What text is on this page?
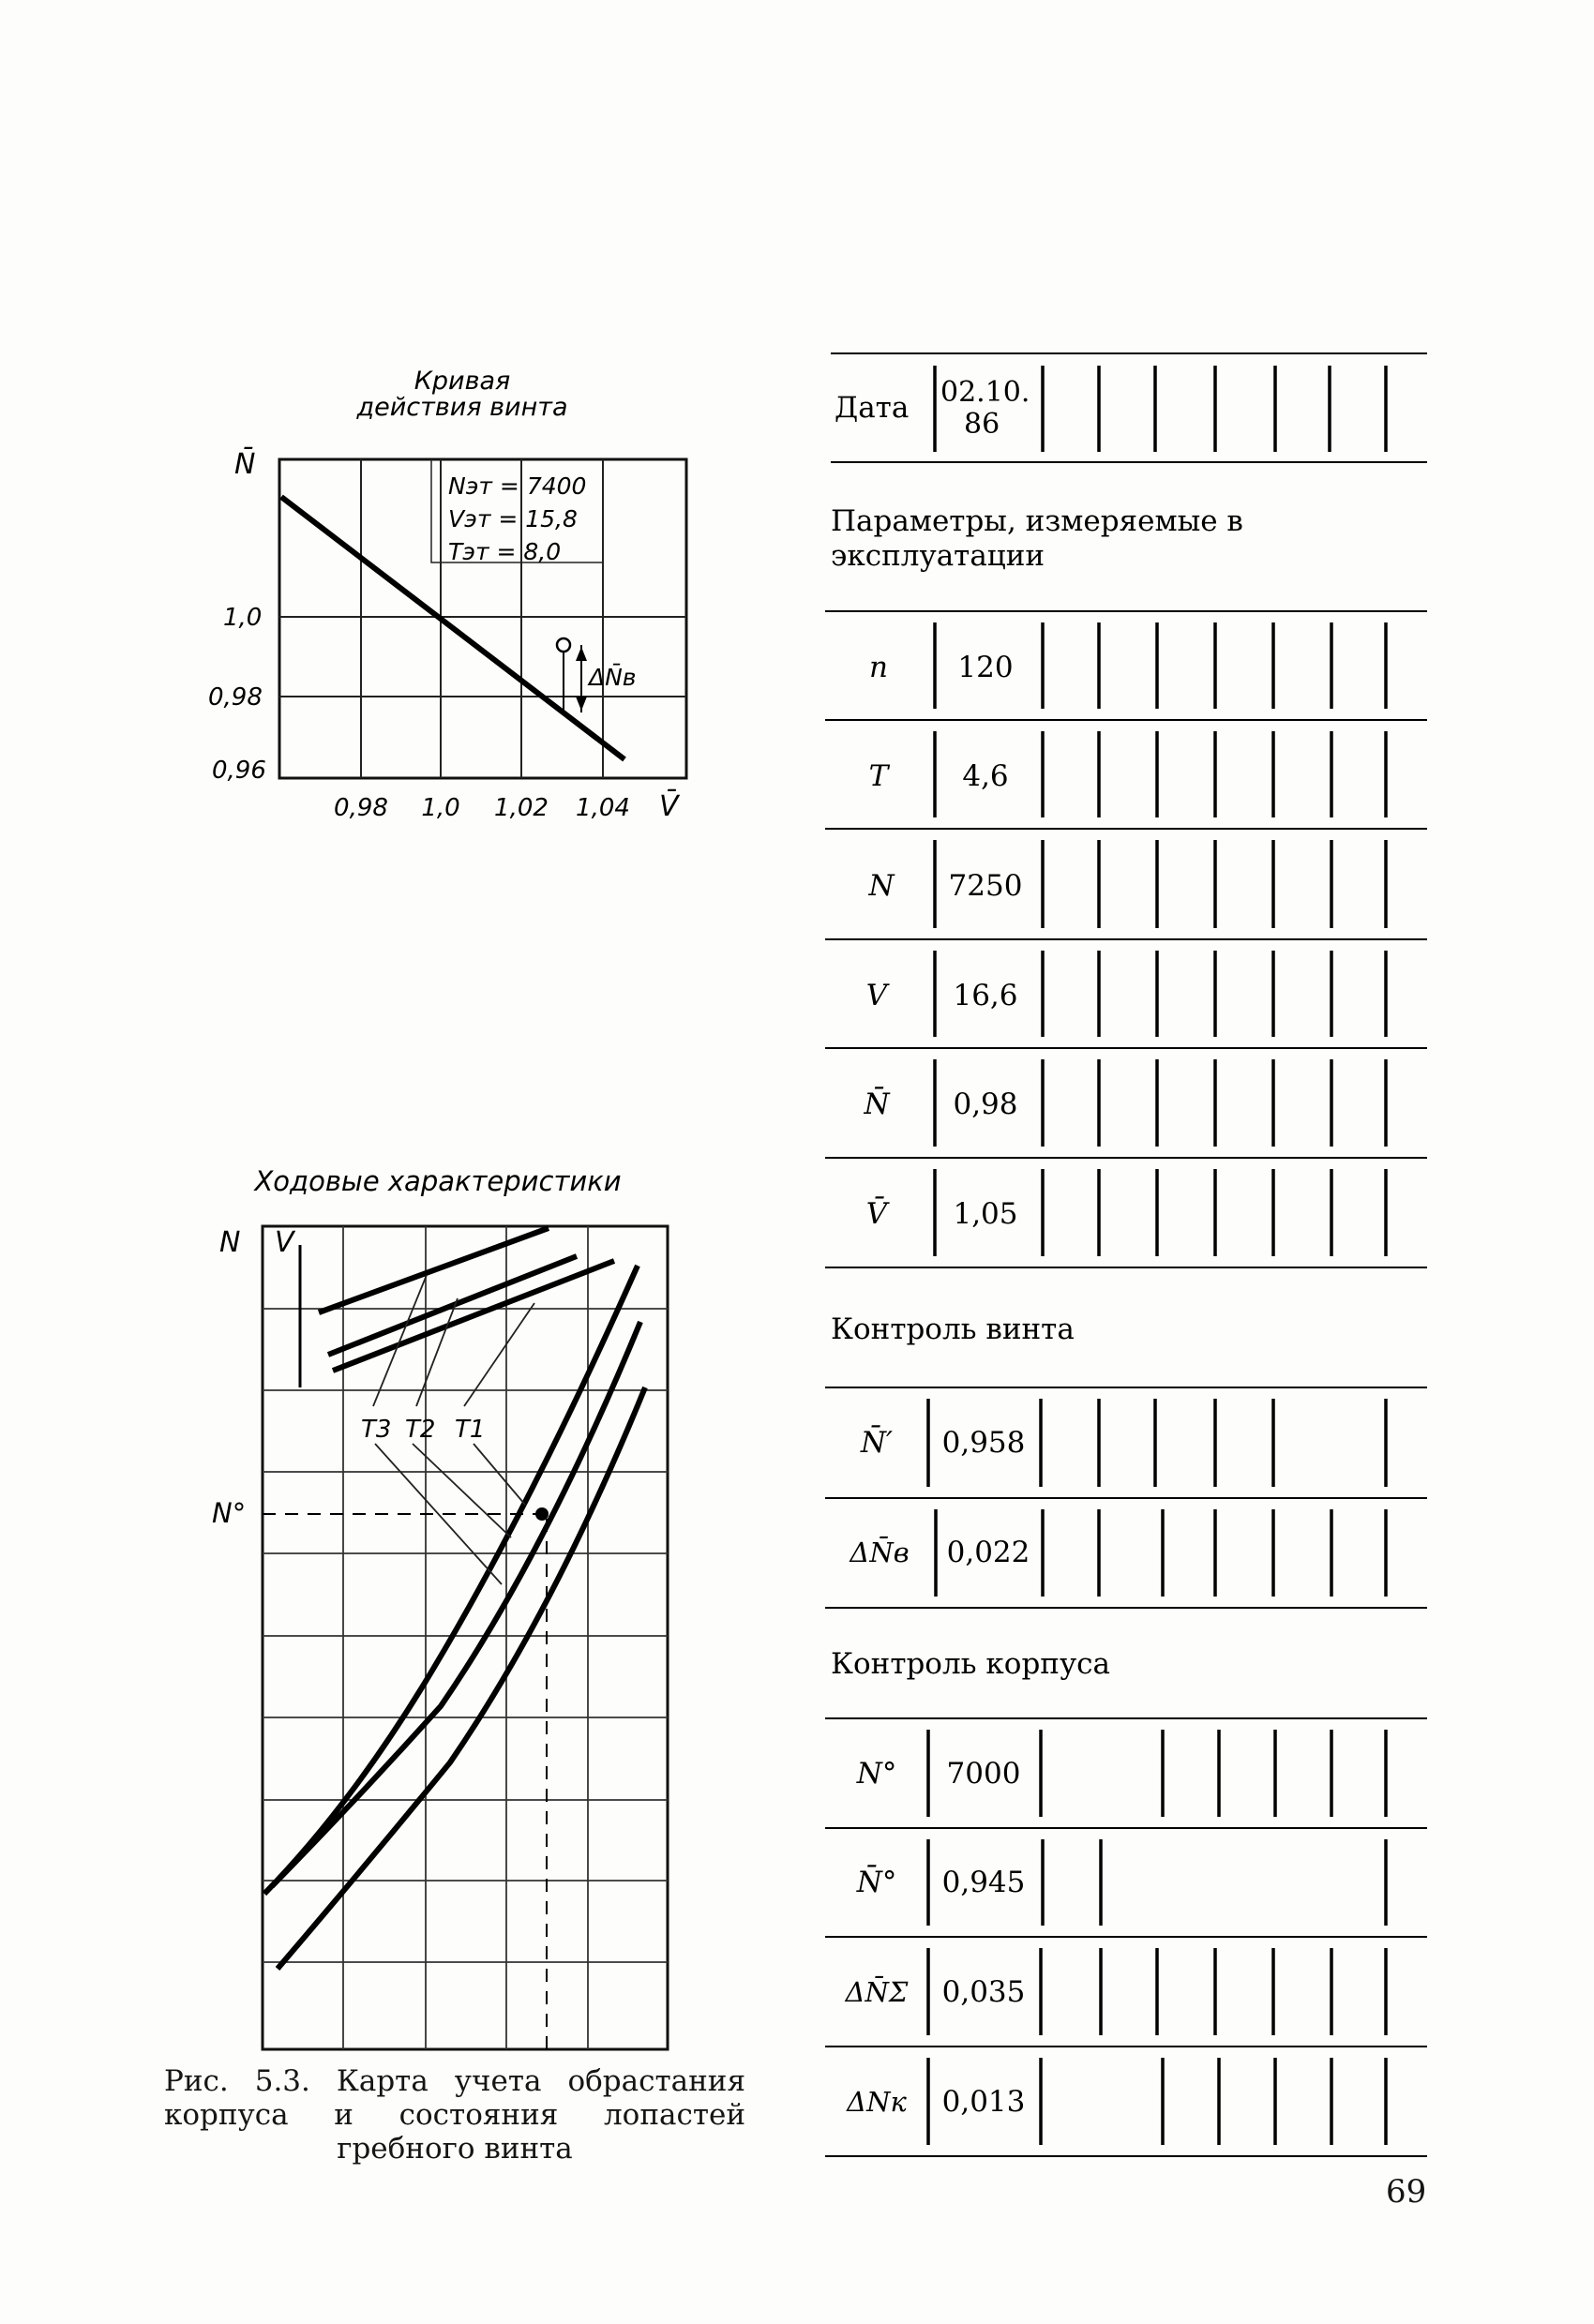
Кривая
действия винта
Nэт = 7400
Vэт = 15,8
Tэт = 8,0
ΔN̄в
N̄
V̄
1,0
0,98
0,96
0,98 1,0 1,02 1,04
Ходовые характеристики
T3 T2 T1
N V
N°
Рис. 5.3. Карта учета обрастания корпуса и состояния лопастей гребного винта
69
Дата 02.10.
86
Параметры, измеряемые в
эксплуатации
n 120
T	4,6
N 7250
V 16,6
N̄ 0,98
V̄ 1,05
Контроль винта
N̄′ 0,958
ΔN̄в 0,022
Контроль корпуса
N° 7000
N̄° 0,945
ΔN̄Σ 0,035
ΔNк 0,013
